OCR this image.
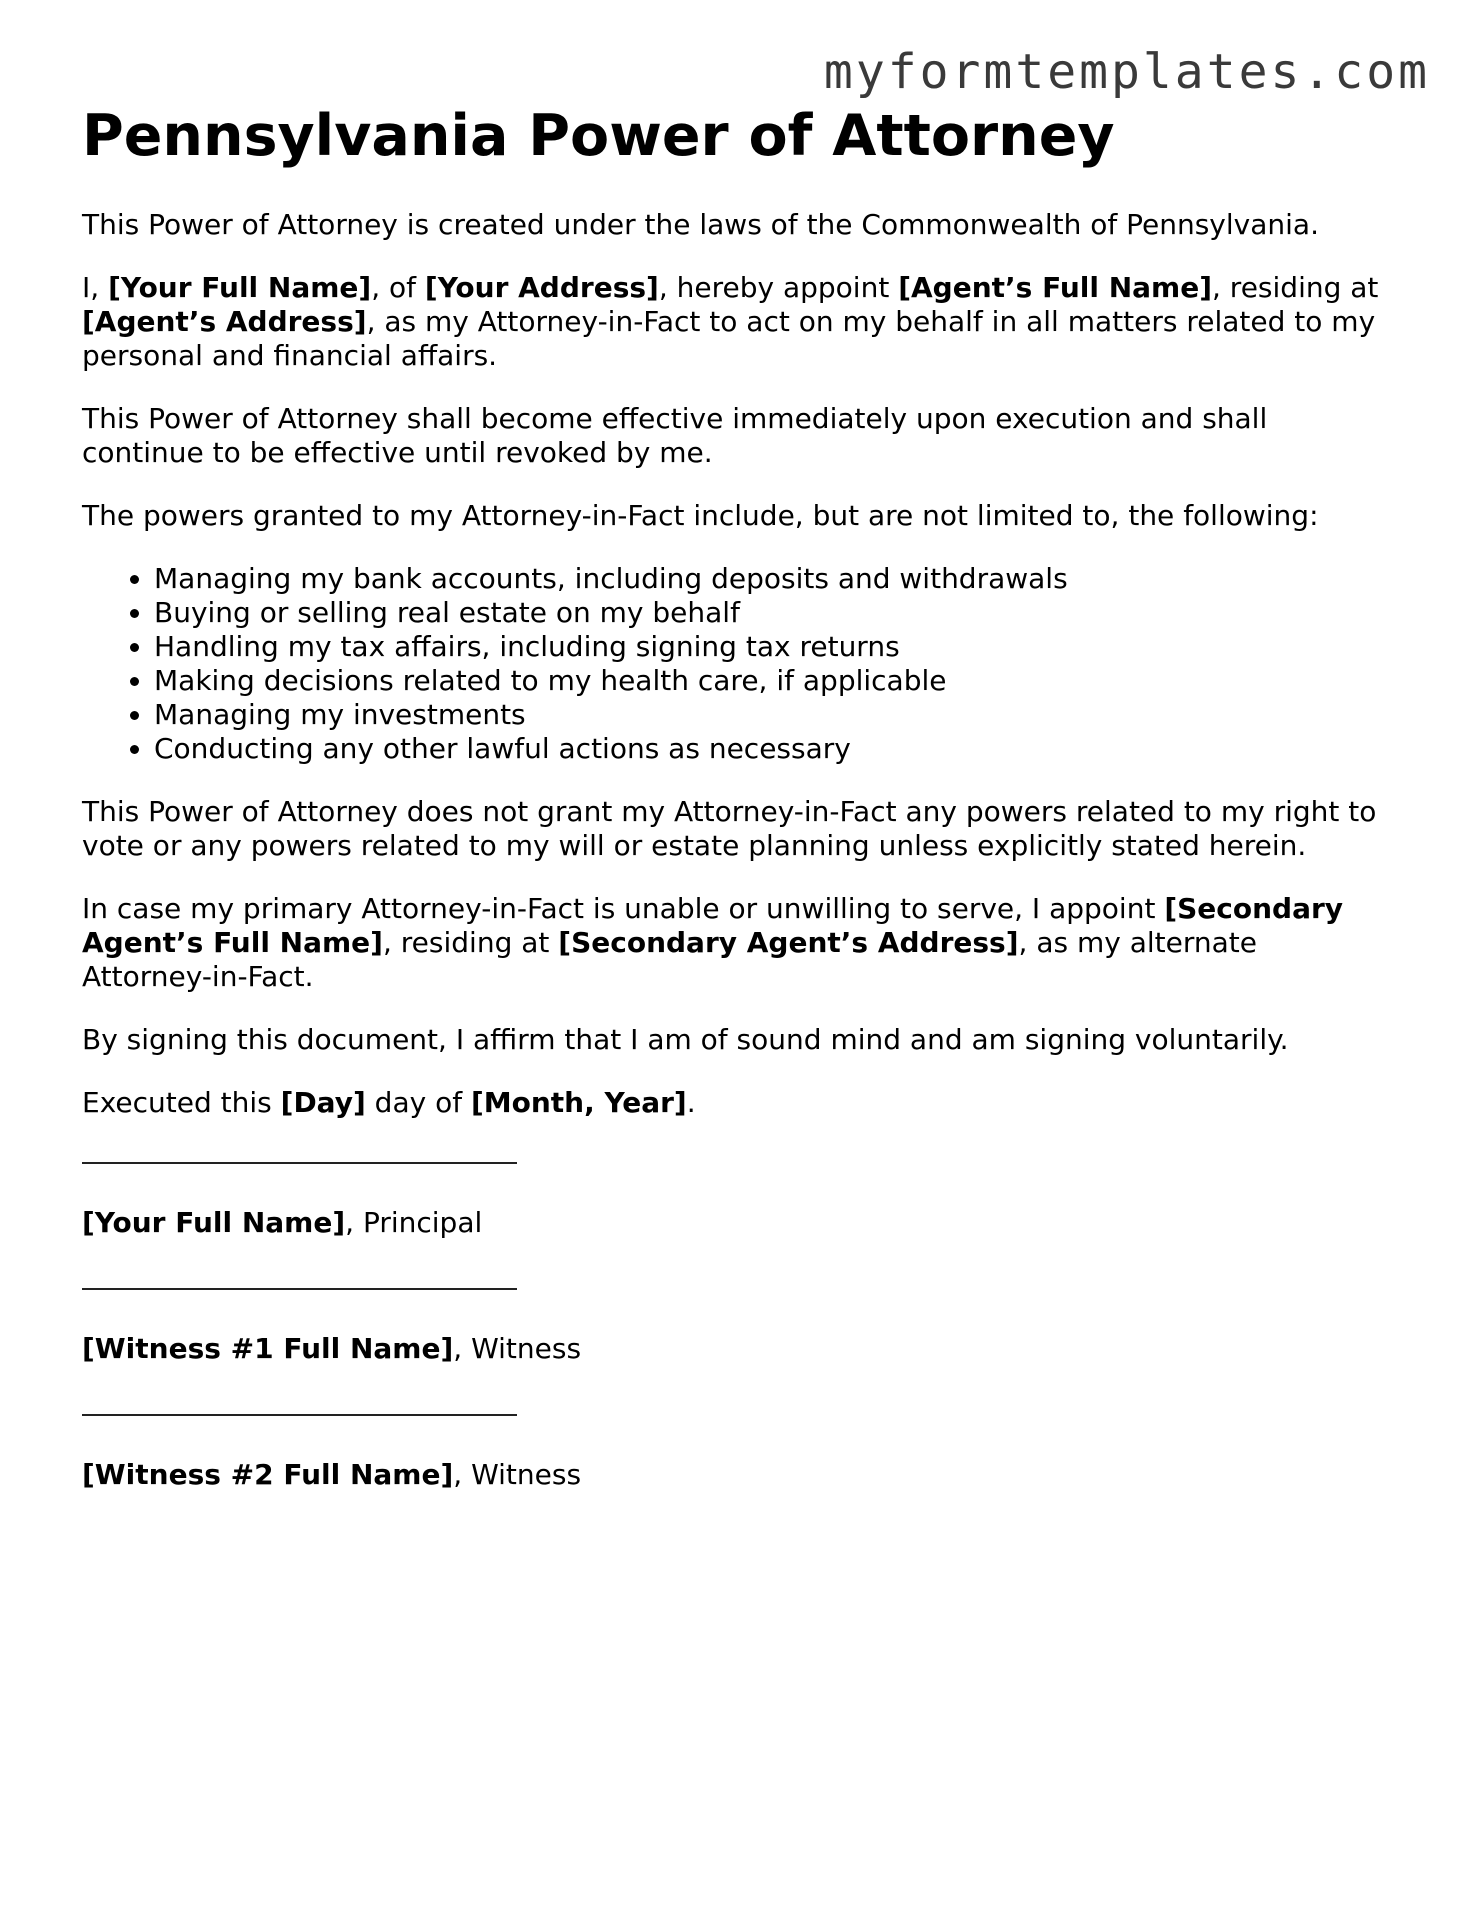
myformtemplates.com
Pennsylvania Power of Attorney

This Power of Attorney is created under the laws of the Commonwealth of Pennsylvania.

I, [Your Full Name], of [Your Address], hereby appoint [Agent’s Full Name], residing at [Agent’s Address], as my Attorney-in-Fact to act on my behalf in all matters related to my personal and financial affairs.

This Power of Attorney shall become effective immediately upon execution and shall continue to be effective until revoked by me.

The powers granted to my Attorney-in-Fact include, but are not limited to, the following:

• Managing my bank accounts, including deposits and withdrawals
• Buying or selling real estate on my behalf
• Handling my tax affairs, including signing tax returns
• Making decisions related to my health care, if applicable
• Managing my investments
• Conducting any other lawful actions as necessary

This Power of Attorney does not grant my Attorney-in-Fact any powers related to my right to vote or any powers related to my will or estate planning unless explicitly stated herein.

In case my primary Attorney-in-Fact is unable or unwilling to serve, I appoint [Secondary Agent’s Full Name], residing at [Secondary Agent’s Address], as my alternate Attorney-in-Fact.

By signing this document, I affirm that I am of sound mind and am signing voluntarily.

Executed this [Day] day of [Month, Year].

[Your Full Name], Principal
[Witness #1 Full Name], Witness
[Witness #2 Full Name], Witness
